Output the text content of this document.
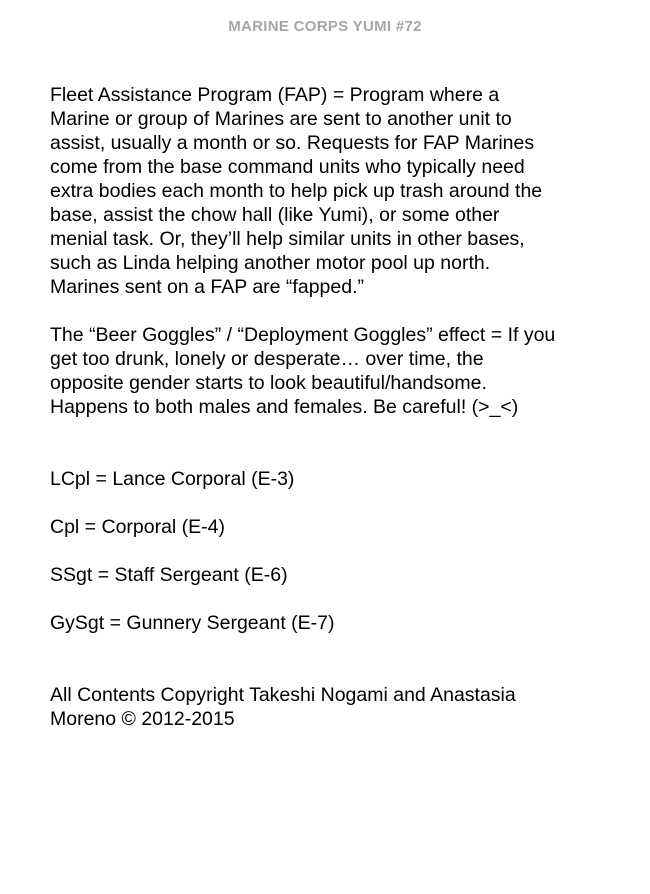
MARINE CORPS YUMI #72

Fleet Assistance Program (FAP) = Program where a
Marine or group of Marines are sent to another unit to
assist, usually a month or so. Requests for FAP Marines
come from the base command units who typically need
extra bodies each month to help pick up trash around the
base, assist the chow hall (like Yumi), or some other
menial task. Or, they’ll help similar units in other bases,
such as Linda helping another motor pool up north.
Marines sent on a FAP are “fapped.”

The “Beer Goggles” / “Deployment Goggles” effect = If you
get too drunk, lonely or desperate… over time, the
opposite gender starts to look beautiful/handsome.
Happens to both males and females. Be careful! (>_<)

LCpl = Lance Corporal (E-3)

Cpl = Corporal (E-4)

SSgt = Staff Sergeant (E-6)

GySgt = Gunnery Sergeant (E-7)

All Contents Copyright Takeshi Nogami and Anastasia
Moreno © 2012-2015
